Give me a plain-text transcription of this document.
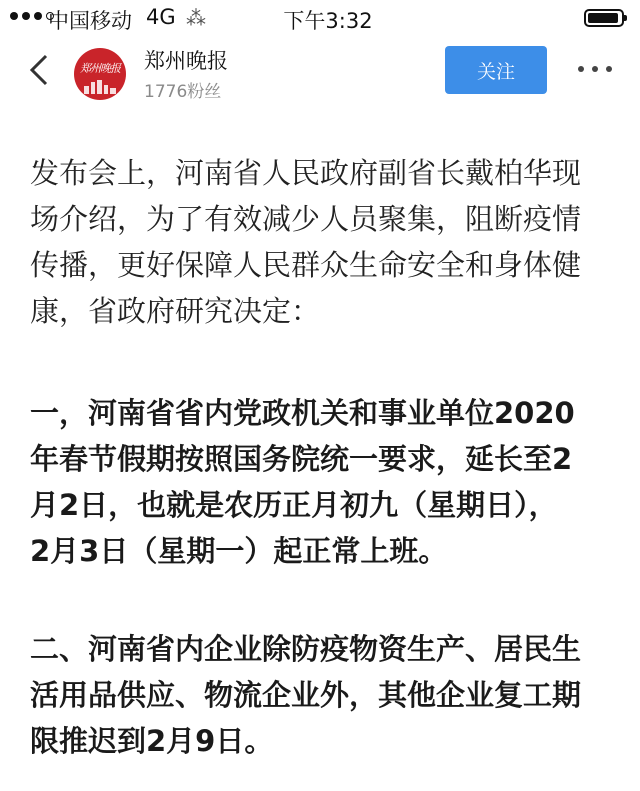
中国移动 4G ⁂	下午3:32
郑州晚报 郑州晚报
1776粉丝
关注
发布会上，河南省人民政府副省长戴柏华现
场介绍，为了有效减少人员聚集，阻断疫情
传播，更好保障人民群众生命安全和身体健
康，省政府研究决定：
一，河南省省内党政机关和事业单位2020
年春节假期按照国务院统一要求，延长至2
月2日，也就是农历正月初九（星期日），
2月3日（星期一）起正常上班。
二、河南省内企业除防疫物资生产、居民生
活用品供应、物流企业外，其他企业复工期
限推迟到2月9日。
